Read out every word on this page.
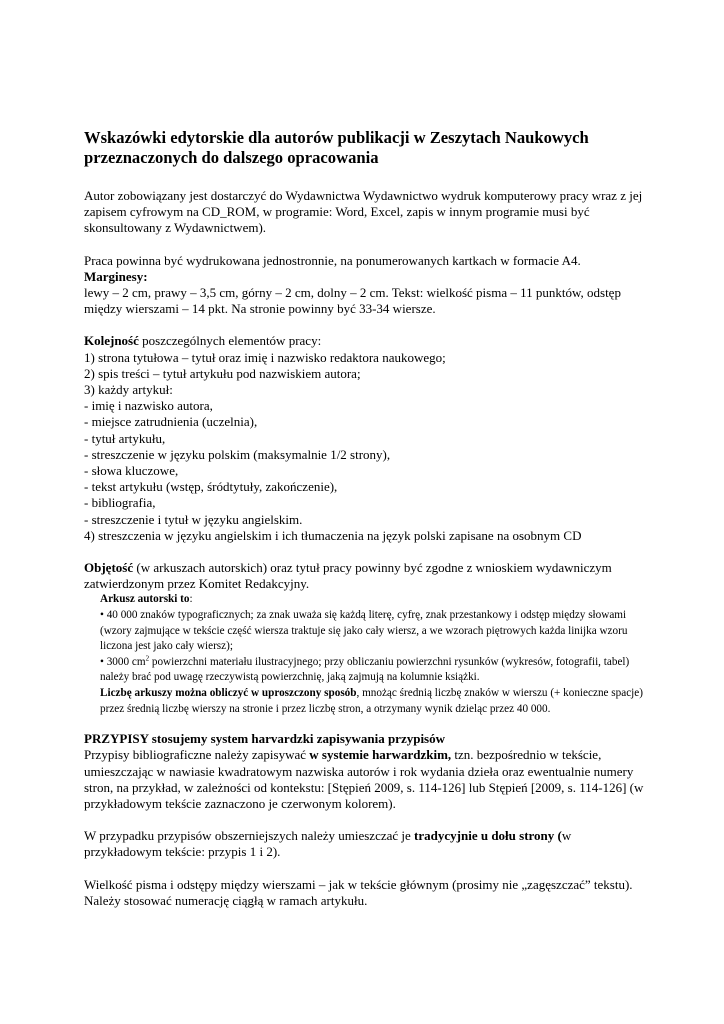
Wskazówki edytorskie dla autorów publikacji w Zeszytach Naukowych
przeznaczonych do dalszego opracowania

Autor zobowiązany jest dostarczyć do Wydawnictwa Wydawnictwo wydruk komputerowy pracy wraz z jej zapisem cyfrowym na CD_ROM, w programie: Word, Excel, zapis w innym programie musi być skonsultowany z Wydawnictwem).

Praca powinna być wydrukowana jednostronnie, na ponumerowanych kartkach w formacie A4.

Marginesy:

lewy – 2 cm, prawy – 3,5 cm, górny – 2 cm, dolny – 2 cm. Tekst: wielkość pisma – 11 punktów, odstęp między wierszami – 14 pkt. Na stronie powinny być 33-34 wiersze.

Kolejność poszczególnych elementów pracy:

1) strona tytułowa – tytuł oraz imię i nazwisko redaktora naukowego;

2) spis treści – tytuł artykułu pod nazwiskiem autora;

3) każdy artykuł:

- imię i nazwisko autora,

- miejsce zatrudnienia (uczelnia),

- tytuł artykułu,

- streszczenie w języku polskim (maksymalnie 1/2 strony),

- słowa kluczowe,

- tekst artykułu (wstęp, śródtytuły, zakończenie),

- bibliografia,

- streszczenie i tytuł w języku angielskim.

4) streszczenia w języku angielskim i ich tłumaczenia na język polski zapisane na osobnym CD

Objętość (w arkuszach autorskich) oraz tytuł pracy powinny być zgodne z wnioskiem wydawniczym zatwierdzonym przez Komitet Redakcyjny.

Arkusz autorski to:

• 40 000 znaków typograficznych; za znak uważa się każdą literę, cyfrę, znak przestankowy i odstęp między słowami (wzory zajmujące w tekście część wiersza traktuje się jako cały wiersz, a we wzorach piętrowych każda linijka wzoru liczona jest jako cały wiersz);

• 3000 $cm^2$ powierzchni materiału ilustracyjnego; przy obliczaniu powierzchni rysunków (wykresów, fotografii, tabel) należy brać pod uwagę rzeczywistą powierzchnię, jaką zajmują na kolumnie książki.

Liczbę arkuszy można obliczyć w uproszczony sposób, mnożąc średnią liczbę znaków w wierszu (+ konieczne spacje) przez średnią liczbę wierszy na stronie i przez liczbę stron, a otrzymany wynik dzieląc przez 40 000.

PRZYPISY stosujemy system harvardzki zapisywania przypisów

Przypisy bibliograficzne należy zapisywać w systemie harwardzkim, tzn. bezpośrednio w tekście, umieszczając w nawiasie kwadratowym nazwiska autorów i rok wydania dzieła oraz ewentualnie numery stron, na przykład, w zależności od kontekstu: [Stępień 2009, s. 114-126] lub Stępień [2009, s. 114-126] (w przykładowym tekście zaznaczono je czerwonym kolorem).

W przypadku przypisów obszerniejszych należy umieszczać je tradycyjnie u dołu strony (w przykładowym tekście: przypis 1 i 2).

Wielkość pisma i odstępy między wierszami – jak w tekście głównym (prosimy nie „zagęszczać” tekstu). Należy stosować numerację ciągłą w ramach artykułu.
